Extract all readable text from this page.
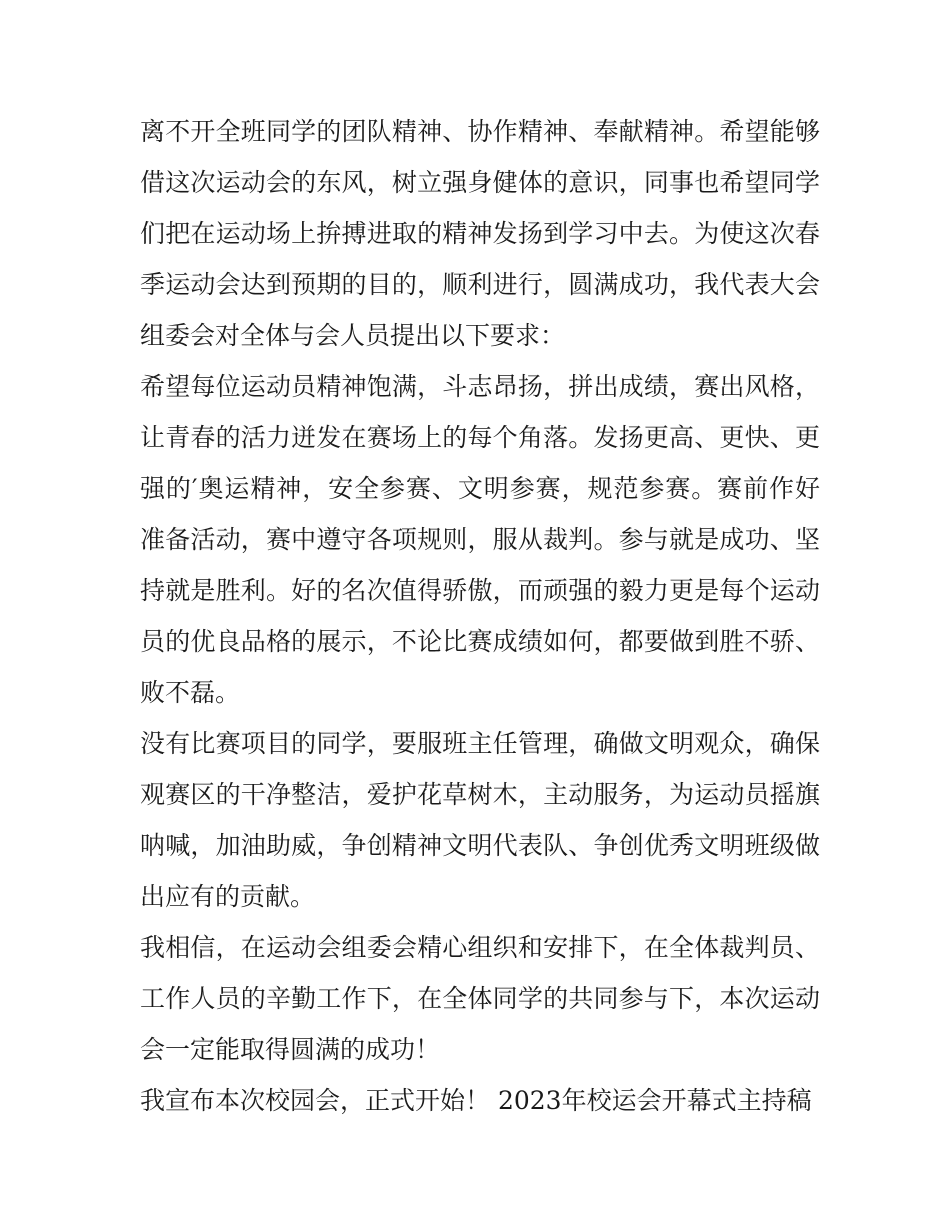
离不开全班同学的团队精神、协作精神、奉献精神。希望能够借这次运动会的东风，树立强身健体的意识，同事也希望同学们把在运动场上拚搏进取的精神发扬到学习中去。为使这次春季运动会达到预期的目的，顺利进行，圆满成功，我代表大会组委会对全体与会人员提出以下要求：

希望每位运动员精神饱满，斗志昂扬，拼出成绩，赛出风格，让青春的活力迸发在赛场上的每个角落。发扬更高、更快、更强的′奥运精神，安全参赛、文明参赛，规范参赛。赛前作好准备活动，赛中遵守各项规则，服从裁判。参与就是成功、坚持就是胜利。好的名次值得骄傲，而顽强的毅力更是每个运动员的优良品格的展示，不论比赛成绩如何，都要做到胜不骄、败不磊。

没有比赛项目的同学，要服班主任管理，确做文明观众，确保观赛区的干净整洁，爱护花草树木，主动服务，为运动员摇旗呐喊，加油助威，争创精神文明代表队、争创优秀文明班级做出应有的贡献。

我相信，在运动会组委会精心组织和安排下，在全体裁判员、工作人员的辛勤工作下，在全体同学的共同参与下，本次运动会一定能取得圆满的成功！

我宣布本次校园会，正式开始！ 2023年校运会开幕式主持稿
